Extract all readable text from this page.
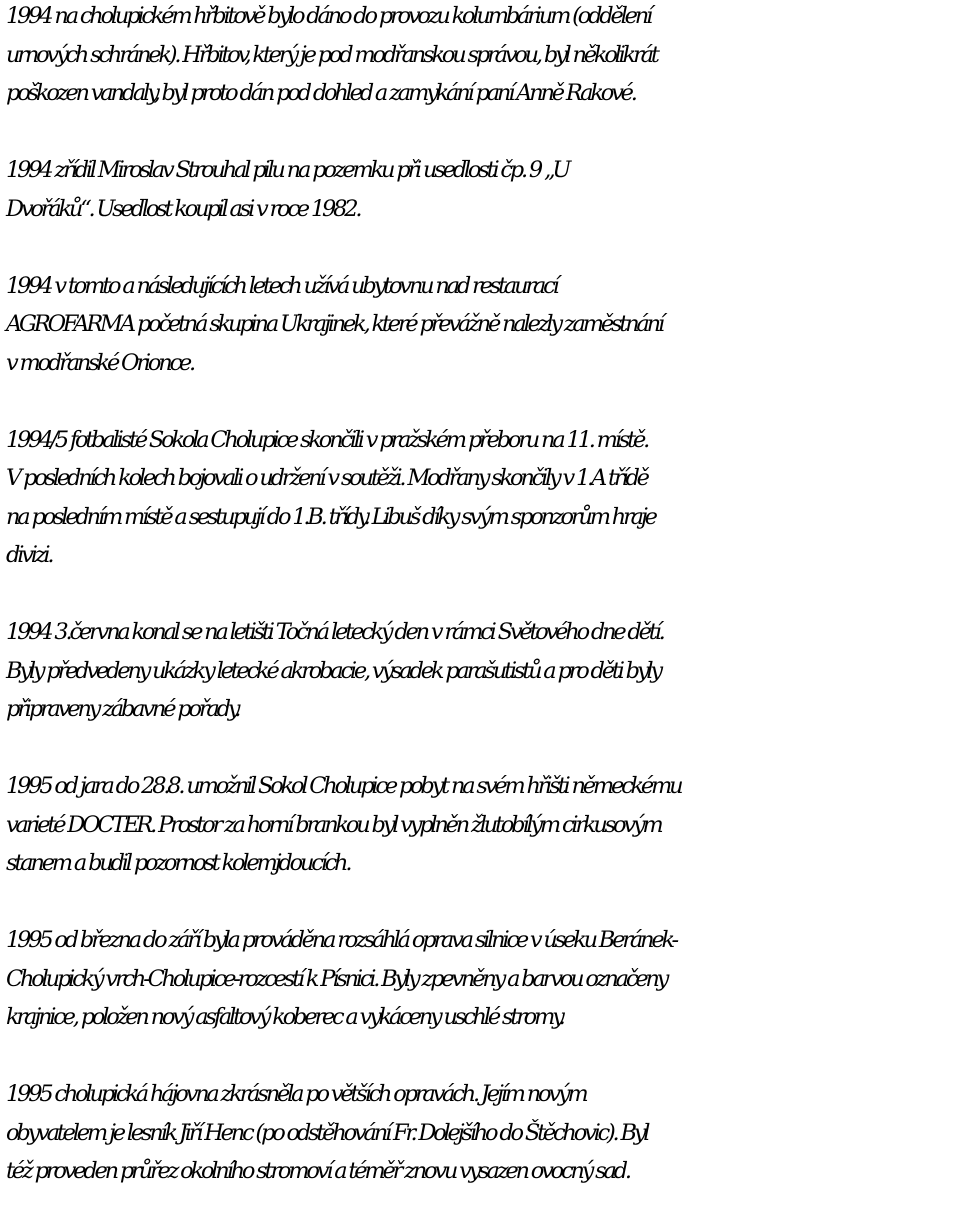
1994 na cholupickém hřbitově bylo dáno do provozu kolumbárium (oddělení
urnových schránek). Hřbitov, který je pod modřanskou správou, byl několikrát
poškozen vandaly, byl proto dán pod dohled a zamykání paní Anně Rakové.

1994 zřídil Miroslav Strouhal pilu na pozemku při usedlosti čp. 9 „U
Dvořáků“. Usedlost koupil asi v roce 1982.

1994 v tomto a následujících letech užívá ubytovnu nad restaurací
AGROFARMA početná skupina Ukrajinek, které převážně nalezly zaměstnání
v modřanské Orionce.

1994/5 fotbalisté Sokola Cholupice skončili v pražském přeboru na 11. místě.
V posledních kolech bojovali o udržení v soutěži. Modřany skončily v 1.A třídě
na posledním místě a sestupují do 1.B. třídy. Libuš díky svým sponzorům hraje
divizi.

1994 3.června konal se na letišti Točná letecký den v rámci Světového dne dětí.
Byly předvedeny ukázky letecké akrobacie, výsadek parašutistů a pro děti byly
připraveny zábavné pořady.

1995 od jara do 28.8. umožnil Sokol Cholupice pobyt na svém hřišti německému
varieté DOCTER. Prostor za horní brankou byl vyplněn žlutobílým cirkusovým
stanem a budil pozornost kolemjdoucích.

1995 od března do září byla prováděna rozsáhlá oprava silnice v úseku Beránek-
Cholupický vrch-Cholupice-rozcestí k Písnici. Byly zpevněny a barvou označeny
krajnice, položen nový asfaltový koberec a vykáceny uschlé stromy.

1995 cholupická hájovna zkrásněla po větších opravách. Jejím novým
obyvatelem je lesník Jiří Henc (po odstěhování Fr. Dolejšího do Štěchovic). Byl
též proveden průřez okolního stromoví a téměř znovu vysazen ovocný sad.
